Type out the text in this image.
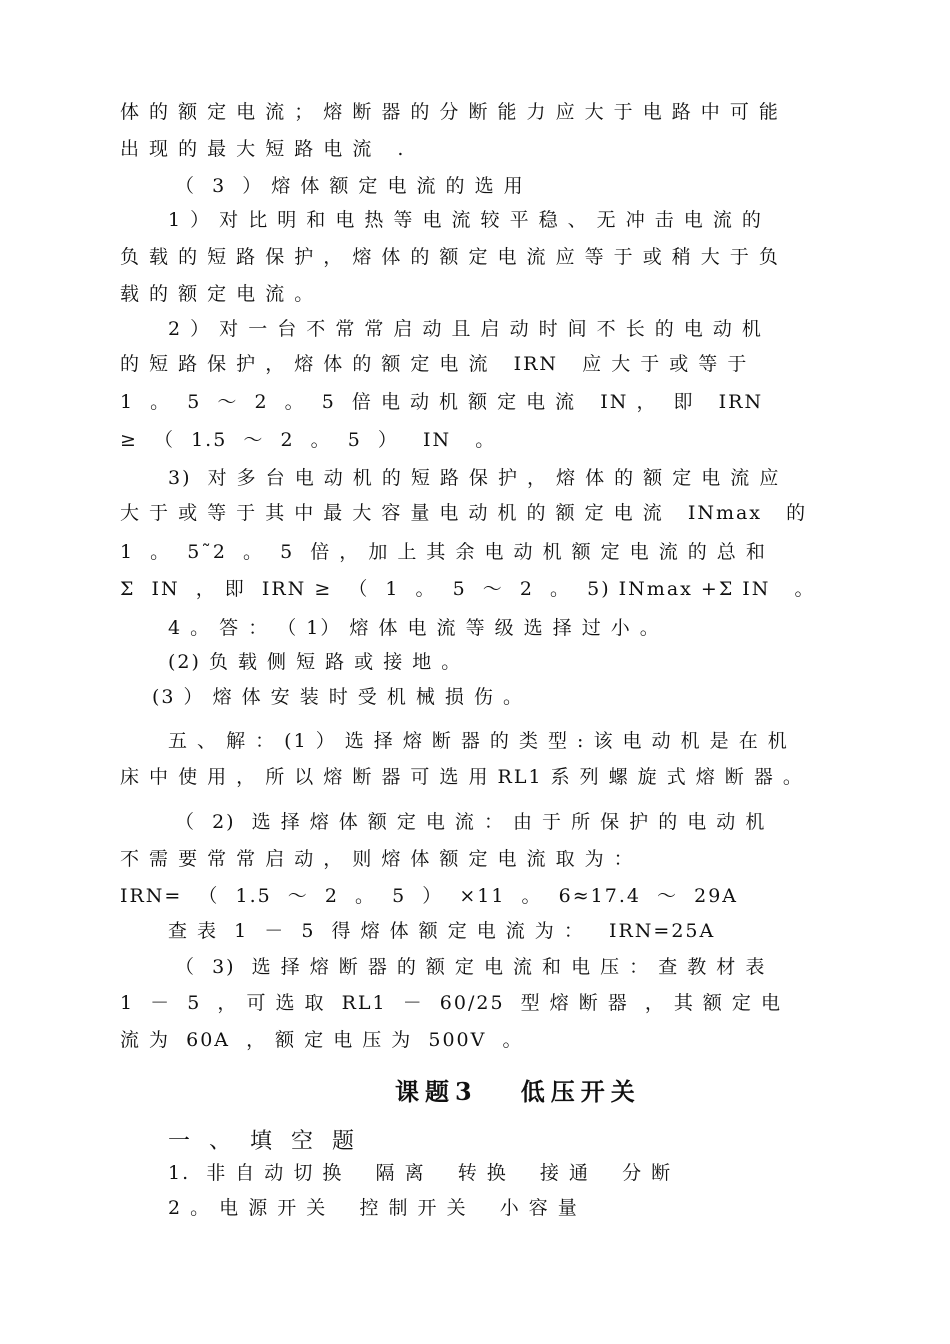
体 的 额 定 电 流 ； 熔 断 器 的 分 断 能 力 应 大 于 电 路 中 可 能
出 现 的 最 大 短 路 电 流   .
（  3  ） 熔 体 额 定 电 流 的 选 用
1 ） 对 比 明 和 电 热 等 电 流 较 平 稳 、 无 冲 击 电 流 的
负 载 的 短 路 保 护 ， 熔 体 的 额 定 电 流 应 等 于 或 稍 大 于 负
载 的 额 定 电 流 。
2 ） 对 一 台 不 常 常 启 动 且 启 动 时 间 不 长 的 电 动 机
的 短 路 保 护 ， 熔 体 的 额 定 电 流   IRN   应 大 于 或 等 于
1  。  5  ～  2  。  5  倍 电 动 机 额 定 电 流   IN ，  即   IRN
≥  （  1.5  ～  2  。  5  ）   IN   。
3)  对 多 台 电 动 机 的 短 路 保 护 ， 熔 体 的 额 定 电 流 应
大 于 或 等 于 其 中 最 大 容 量 电 动 机 的 额 定 电 流   INmax   的
1  。  5˜2  。  5  倍 ， 加 上 其 余 电 动 机 额 定 电 流 的 总 和
Σ  IN  ， 即  IRN ≥  （  1  。  5  ～  2  。  5) INmax +Σ IN   。
4 。 答 ： （ 1） 熔 体 电 流 等 级 选 择 过 小 。
(2) 负 载 侧 短 路 或 接 地 。
(3 ） 熔 体 安 装 时 受 机 械 损 伤 。
五 、 解 ： (1 ） 选 择 熔 断 器 的 类 型 : 该 电 动 机 是 在 机
床 中 使 用 ， 所 以 熔 断 器 可 选 用 RL1 系 列 螺 旋 式 熔 断 器 。
（  2)  选 择 熔 体 额 定 电 流 ： 由 于 所 保 护 的 电 动 机
不 需 要 常 常 启 动 ， 则 熔 体 额 定 电 流 取 为 ：
IRN=  （  1.5  ～  2  。  5  ）  ×11  。  6≈17.4  ～  29A
查 表  1  －  5  得 熔 体 额 定 电 流 为 ：   IRN=25A
（  3)  选 择 熔 断 器 的 额 定 电 流 和 电 压 ： 查 教 材 表
1  －  5  ， 可 选 取  RL1  －  60/25  型 熔 断 器  ， 其 额 定 电
流 为  60A  ， 额 定 电 压 为  500V  。
课题3   低压开关
一 、 填 空 题
1.  非 自 动 切 换    隔 离    转 换    接 通    分 断
2 。 电 源 开 关    控 制 开 关    小 容 量
